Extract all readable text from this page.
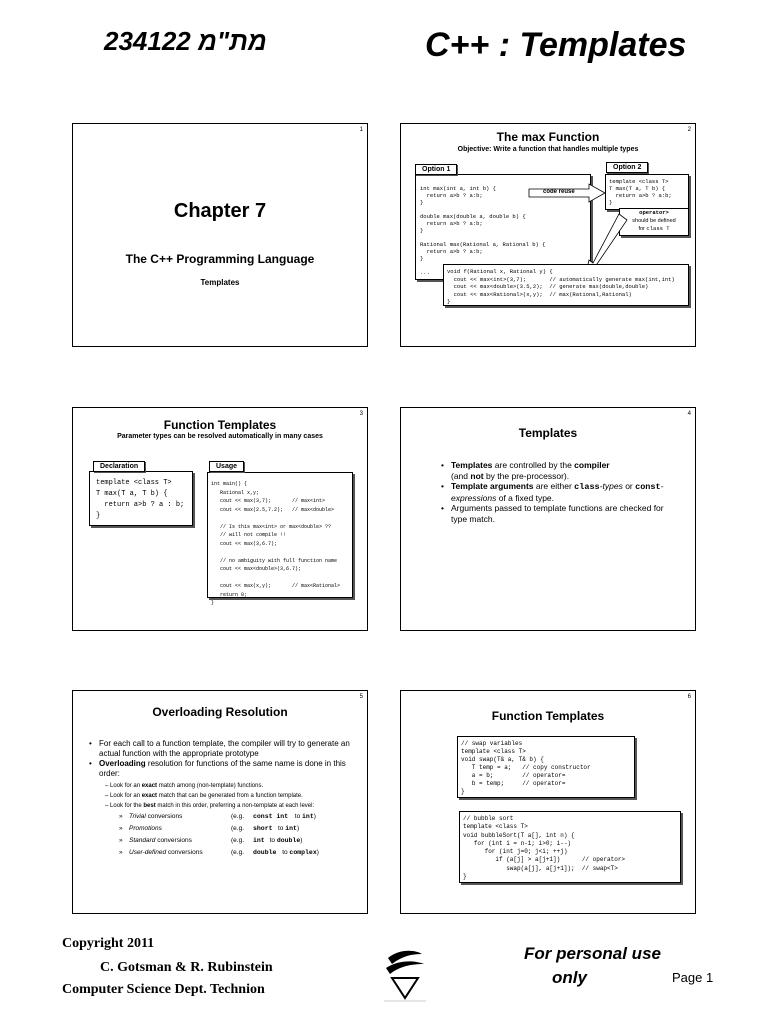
234122 מת"מ	C++ : Templates
1
Chapter 7
The C++ Programming Language
Templates
2
The max Function
Objective: Write a function that handles multiple types
int max(int a, int b) {
return a>b ? a:b;
}

double max(double a, double b) {
return a>b ? a:b;
}

Rational max(Rational a, Rational b) {
return a>b ? a:b;
}

...
Option 1
template <class T>
T max(T a, T b) {
return a>b ? a:b;
}
Option 2
code reuse
operator>
should be defined
for class T
void f(Rational x, Rational y) {
cout << max<int>(3,7);       // automatically generate max(int,int)
cout << max<double>(3.5,2);  // generate max(double,double)
cout << max<Rational>(x,y);  // max(Rational,Rational)
}
3
Function Templates
Parameter types can be resolved automatically in many cases
template <class T>
T max(T a, T b) {
return a>b ? a : b;
}
Declaration
int main() {
Rational x,y;
cout << max(3,7);       // max<int>
cout << max(2.5,7.2);   // max<double>

// Is this max<int> or max<double> ??
// will not compile !!
cout << max(3,6.7);

// no ambiguity with full function name
cout << max<double>(3,6.7);

cout << max(x,y);       // max<Rational>
return 0;
}
Usage
4
Templates
• Templates are controlled by the compiler
(and not by the pre-processor).
• Template arguments are either class-types or const-expressions of a fixed type.
• Arguments passed to template functions are checked for type match.
5
Overloading Resolution
• For each call to a function template, the compiler will try to generate an actual function with the appropriate prototype
• Overloading resolution for functions of the same name is done in this order:
– Look for an exact match among (non-template) functions.
– Look for an exact match that can be generated from a function template.
– Look for the best match in this order, preferring a non-template at each level:
» Trivial conversions	(e.g. const int to int)
» Promotions	(e.g. short to int)
» Standard conversions	(e.g. int to double)
» User-defined conversions	(e.g. double to complex)
6
Function Templates
// swap variables
template <class T>
void swap(T& a, T& b) {
T temp = a;   // copy constructor
a = b;        // operator=
b = temp;     // operator=
}
// bubble sort
template <class T>
void bubbleSort(T a[], int n) {
for (int i = n-1; i>0; i--)
for (int j=0; j<i; ++j)
if (a[j] > a[j+1])      // operator>
swap(a[j], a[j+1]);  // swap<T>
}
Copyright 2011
C. Gotsman & R. Rubinstein
Computer Science Dept. Technion
For personal use
only	Page 1
